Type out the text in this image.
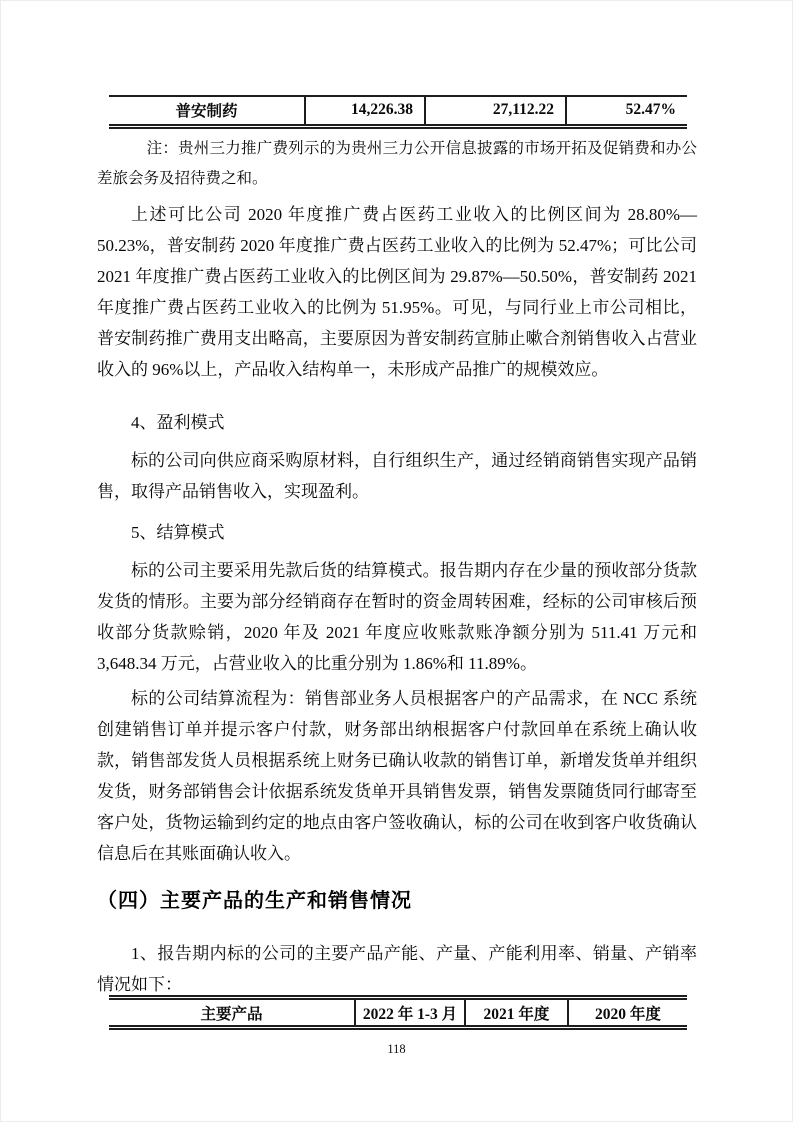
普安制药	14,226.38	27,112.22	52.47%
注：贵州三力推广费列示的为贵州三力公开信息披露的市场开拓及促销费和办公差旅会务及招待费之和。
上述可比公司 2020 年度推广费占医药工业收入的比例区间为 28.80%—50.23%，普安制药 2020 年度推广费占医药工业收入的比例为 52.47%；可比公司 2021 年度推广费占医药工业收入的比例区间为 29.87%—50.50%，普安制药 2021 年度推广费占医药工业收入的比例为 51.95%。可见，与同行业上市公司相比，普安制药推广费用支出略高，主要原因为普安制药宣肺止嗽合剂销售收入占营业收入的 96%以上，产品收入结构单一，未形成产品推广的规模效应。
4、盈利模式
标的公司向供应商采购原材料，自行组织生产，通过经销商销售实现产品销售，取得产品销售收入，实现盈利。
5、结算模式
标的公司主要采用先款后货的结算模式。报告期内存在少量的预收部分货款发货的情形。主要为部分经销商存在暂时的资金周转困难，经标的公司审核后预收部分货款赊销，2020 年及 2021 年度应收账款账净额分别为 511.41 万元和 3,648.34 万元，占营业收入的比重分别为 1.86%和 11.89%。
标的公司结算流程为：销售部业务人员根据客户的产品需求，在 NCC 系统创建销售订单并提示客户付款，财务部出纳根据客户付款回单在系统上确认收款，销售部发货人员根据系统上财务已确认收款的销售订单，新增发货单并组织发货，财务部销售会计依据系统发货单开具销售发票，销售发票随货同行邮寄至客户处，货物运输到约定的地点由客户签收确认，标的公司在收到客户收货确认信息后在其账面确认收入。
（四）主要产品的生产和销售情况
1、报告期内标的公司的主要产品产能、产量、产能利用率、销量、产销率情况如下：
主要产品	2022 年 1-3 月	2021 年度	2020 年度
118
